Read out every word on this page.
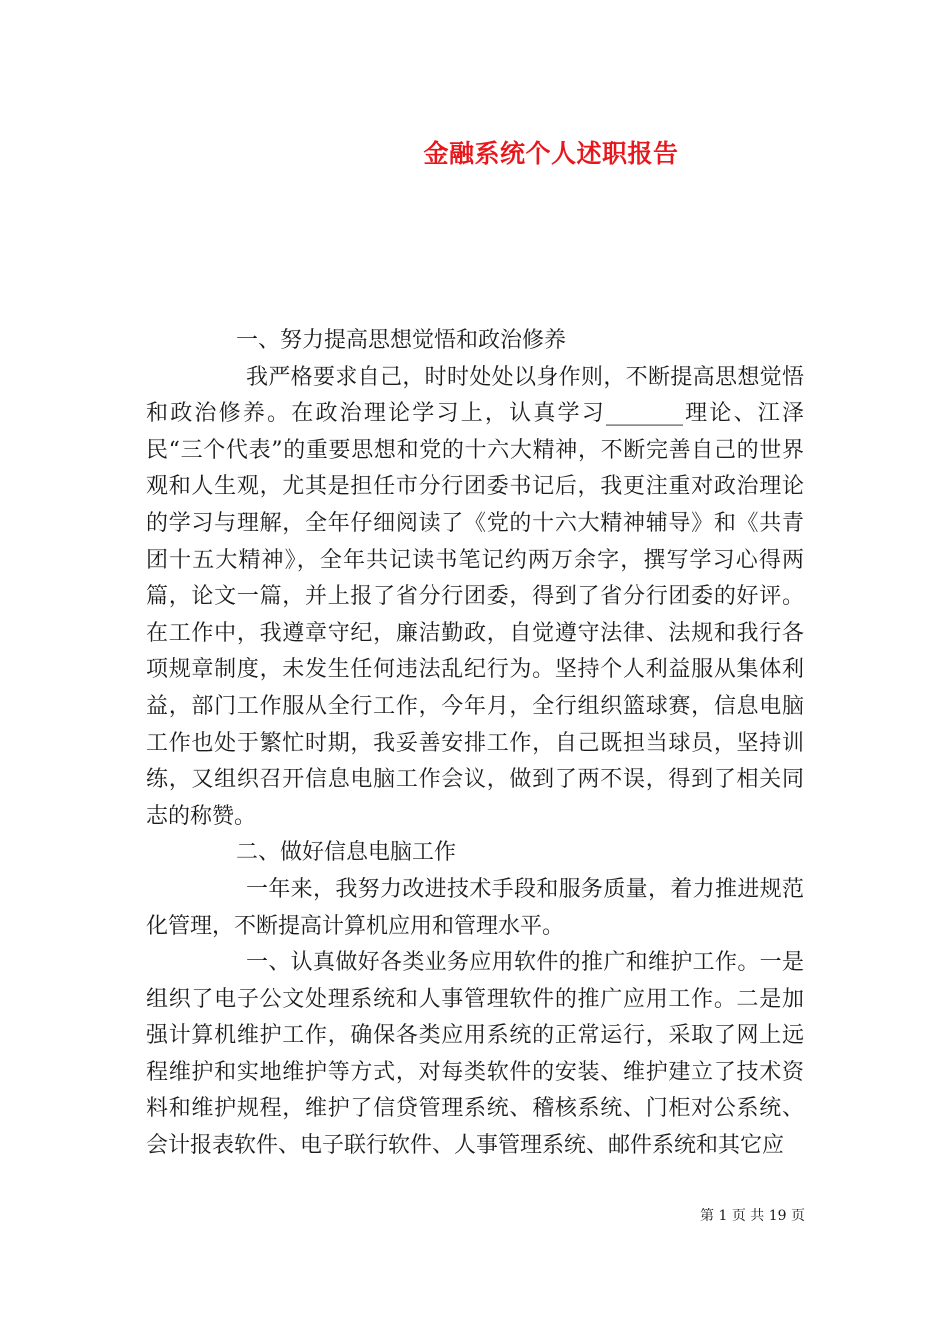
金融系统个人述职报告

一、努力提高思想觉悟和政治修养

我严格要求自己，时时处处以身作则，不断提高思想觉悟和政治修养。在政治理论学习上，认真学习_______理论、江泽民“三个代表”的重要思想和党的十六大精神，不断完善自己的世界观和人生观，尤其是担任市分行团委书记后，我更注重对政治理论的学习与理解，全年仔细阅读了《党的十六大精神辅导》和《共青团十五大精神》，全年共记读书笔记约两万余字，撰写学习心得两篇，论文一篇，并上报了省分行团委，得到了省分行团委的好评。在工作中，我遵章守纪，廉洁勤政，自觉遵守法律、法规和我行各项规章制度，未发生任何违法乱纪行为。坚持个人利益服从集体利益，部门工作服从全行工作，今年月，全行组织篮球赛，信息电脑工作也处于繁忙时期，我妥善安排工作，自己既担当球员，坚持训练，又组织召开信息电脑工作会议，做到了两不误，得到了相关同志的称赞。

二、做好信息电脑工作

一年来，我努力改进技术手段和服务质量，着力推进规范化管理，不断提高计算机应用和管理水平。

一、认真做好各类业务应用软件的推广和维护工作。一是组织了电子公文处理系统和人事管理软件的推广应用工作。二是加强计算机维护工作，确保各类应用系统的正常运行，采取了网上远程维护和实地维护等方式，对每类软件的安装、维护建立了技术资料和维护规程，维护了信贷管理系统、稽核系统、门柜对公系统、会计报表软件、电子联行软件、人事管理系统、邮件系统和其它应

第 1 页 共 19 页
